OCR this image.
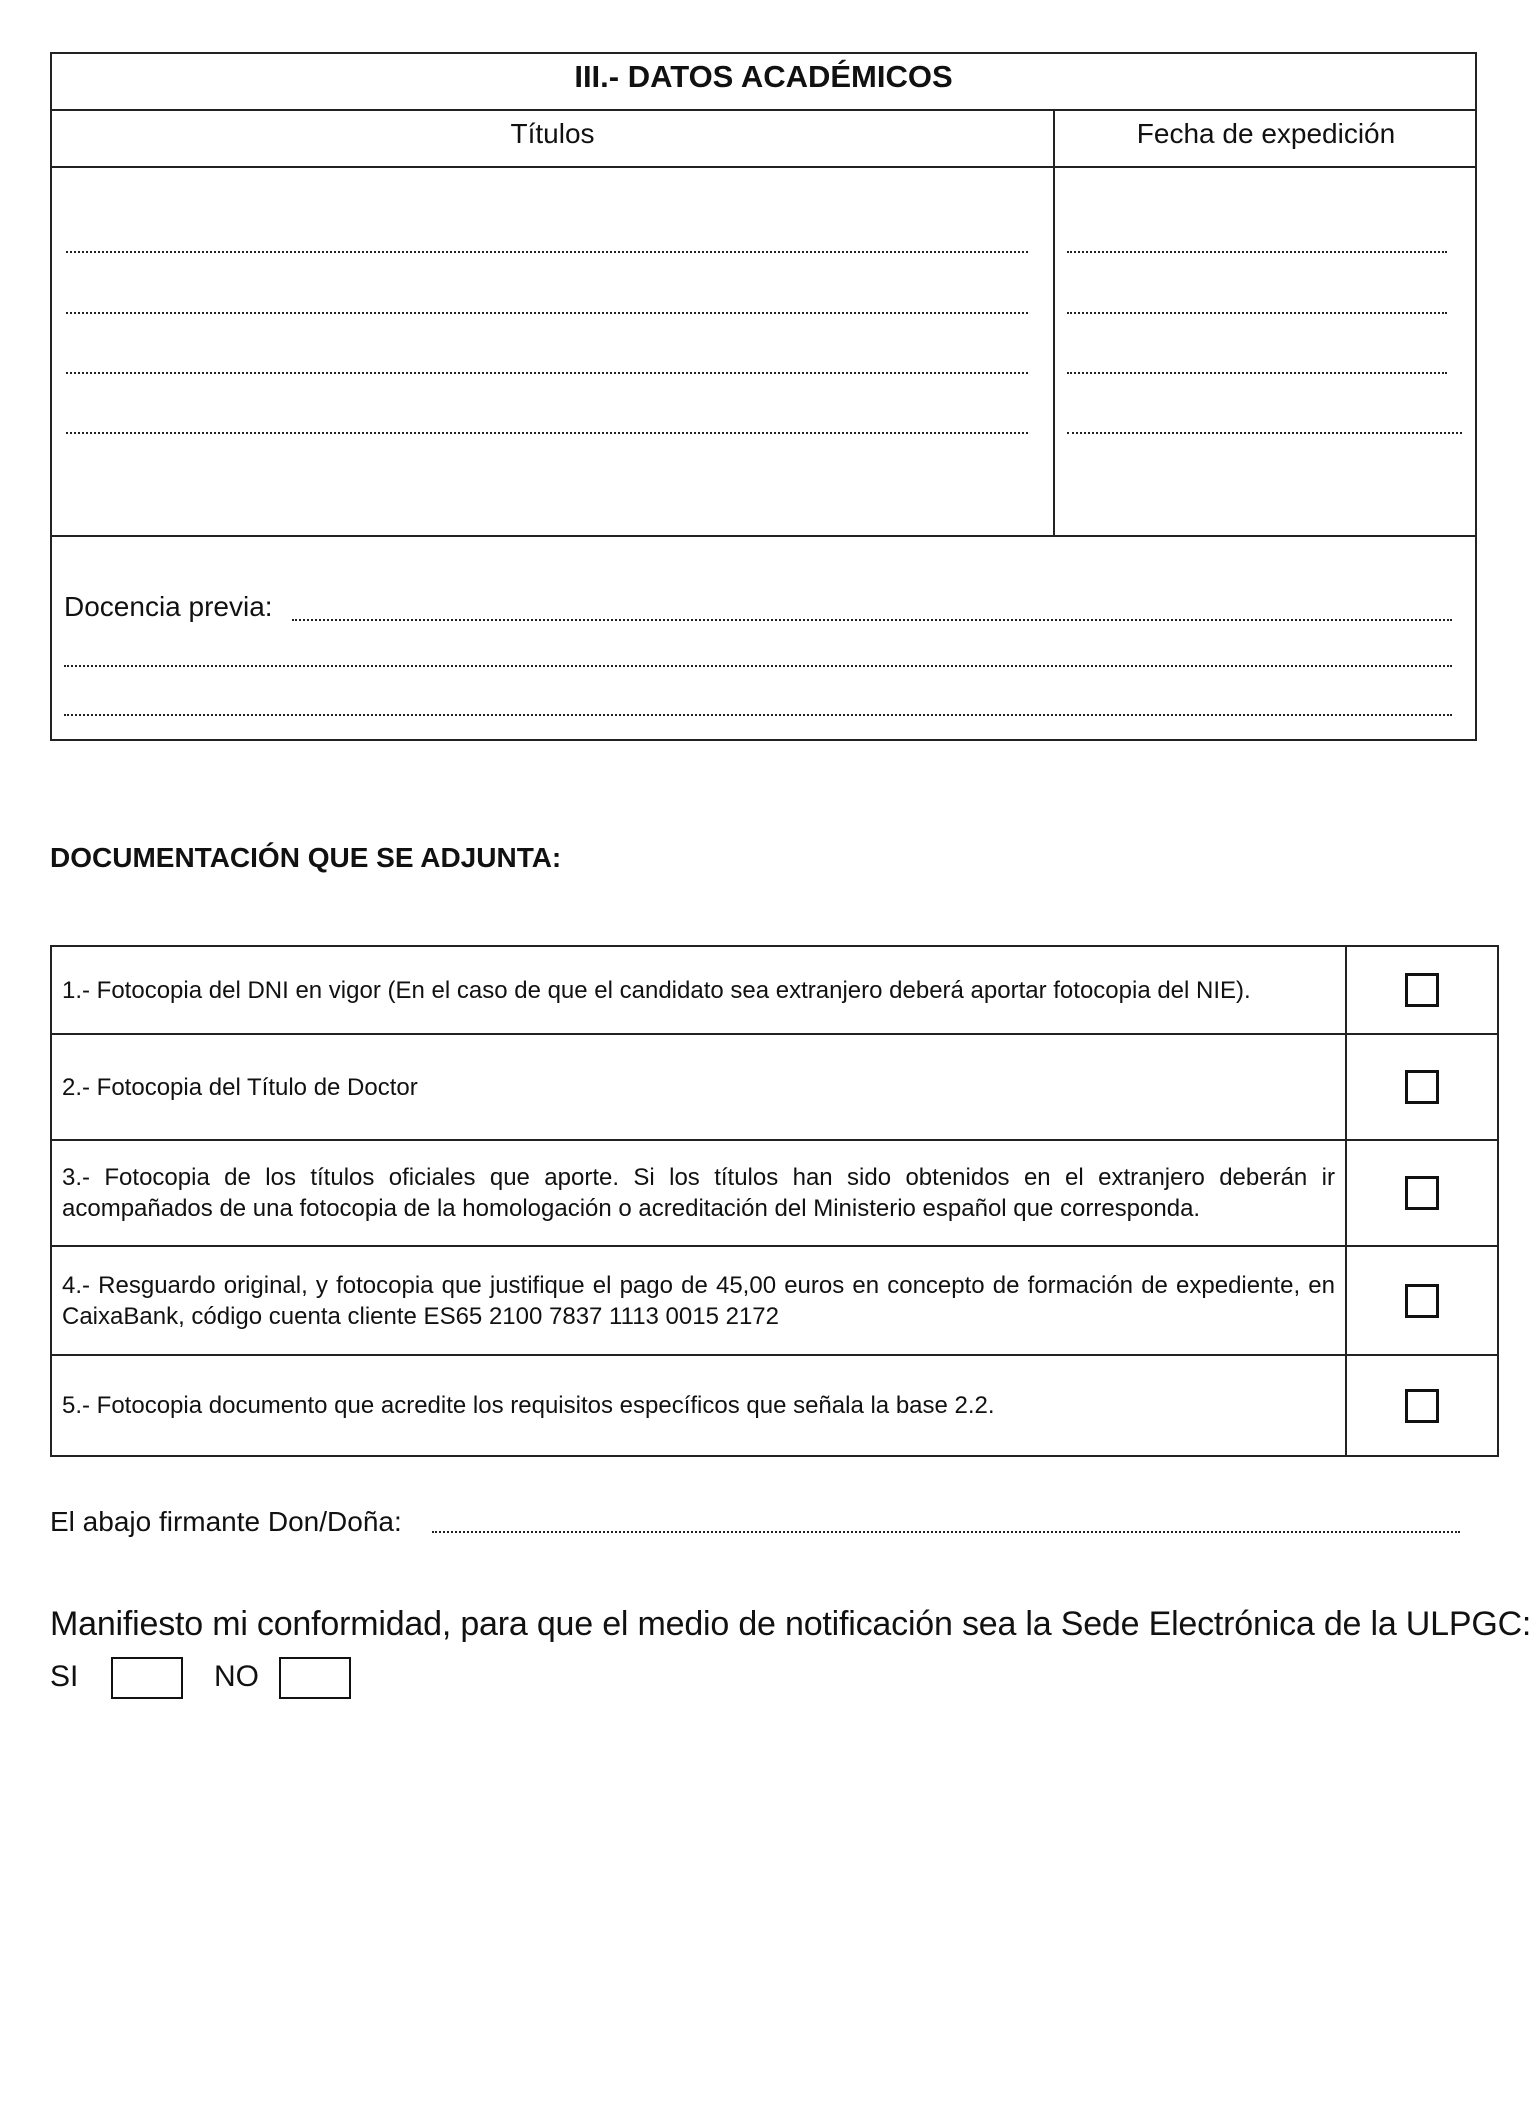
III.- DATOS ACADÉMICOS
Títulos	Fecha de expedición
Docencia previa:
DOCUMENTACIÓN QUE SE ADJUNTA:
1.- Fotocopia del DNI en vigor (En el caso de que el candidato sea extranjero deberá aportar fotocopia del NIE).
2.- Fotocopia del Título de Doctor
3.- Fotocopia de los títulos oficiales que aporte. Si los títulos han sido obtenidos en el extranjero deberán ir acompañados de una fotocopia de la homologación o acreditación del Ministerio español que corresponda.
4.- Resguardo original, y fotocopia que justifique el pago de 45,00 euros en concepto de formación de expediente, en CaixaBank, código cuenta cliente ES65 2100 7837 1113 0015 2172
5.- Fotocopia documento que acredite los requisitos específicos que señala la base 2.2.
El abajo firmante Don/Doña:
Manifiesto mi conformidad, para que el medio de notificación sea la Sede Electrónica de la ULPGC:
SI	NO
